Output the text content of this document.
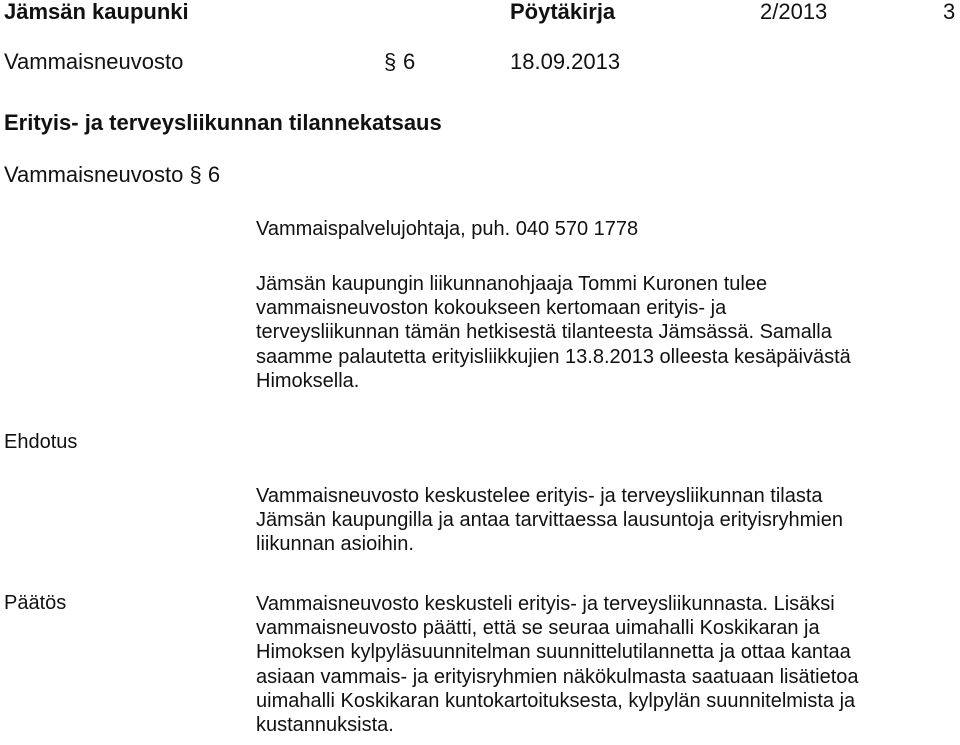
Jämsän kaupunki	Pöytäkirja	2/2013	3
Vammaisneuvosto	§ 6	18.09.2013
Erityis- ja terveysliikunnan tilannekatsaus
Vammaisneuvosto § 6
Vammaispalvelujohtaja, puh. 040 570 1778
Jämsän kaupungin liikunnanohjaaja Tommi Kuronen tulee
vammaisneuvoston kokoukseen kertomaan erityis- ja
terveysliikunnan tämän hetkisestä tilanteesta Jämsässä. Samalla
saamme palautetta erityisliikkujien 13.8.2013 olleesta kesäpäivästä
Himoksella.
Ehdotus
Vammaisneuvosto keskustelee erityis- ja terveysliikunnan tilasta
Jämsän kaupungilla ja antaa tarvittaessa lausuntoja erityisryhmien
liikunnan asioihin.
Päätös	Vammaisneuvosto keskusteli erityis- ja terveysliikunnasta. Lisäksi
vammaisneuvosto päätti, että se seuraa uimahalli Koskikaran ja
Himoksen kylpyläsuunnitelman suunnittelutilannetta ja ottaa kantaa
asiaan vammais- ja erityisryhmien näkökulmasta saatuaan lisätietoa
uimahalli Koskikaran kuntokartoituksesta, kylpylän suunnitelmista ja
kustannuksista.
